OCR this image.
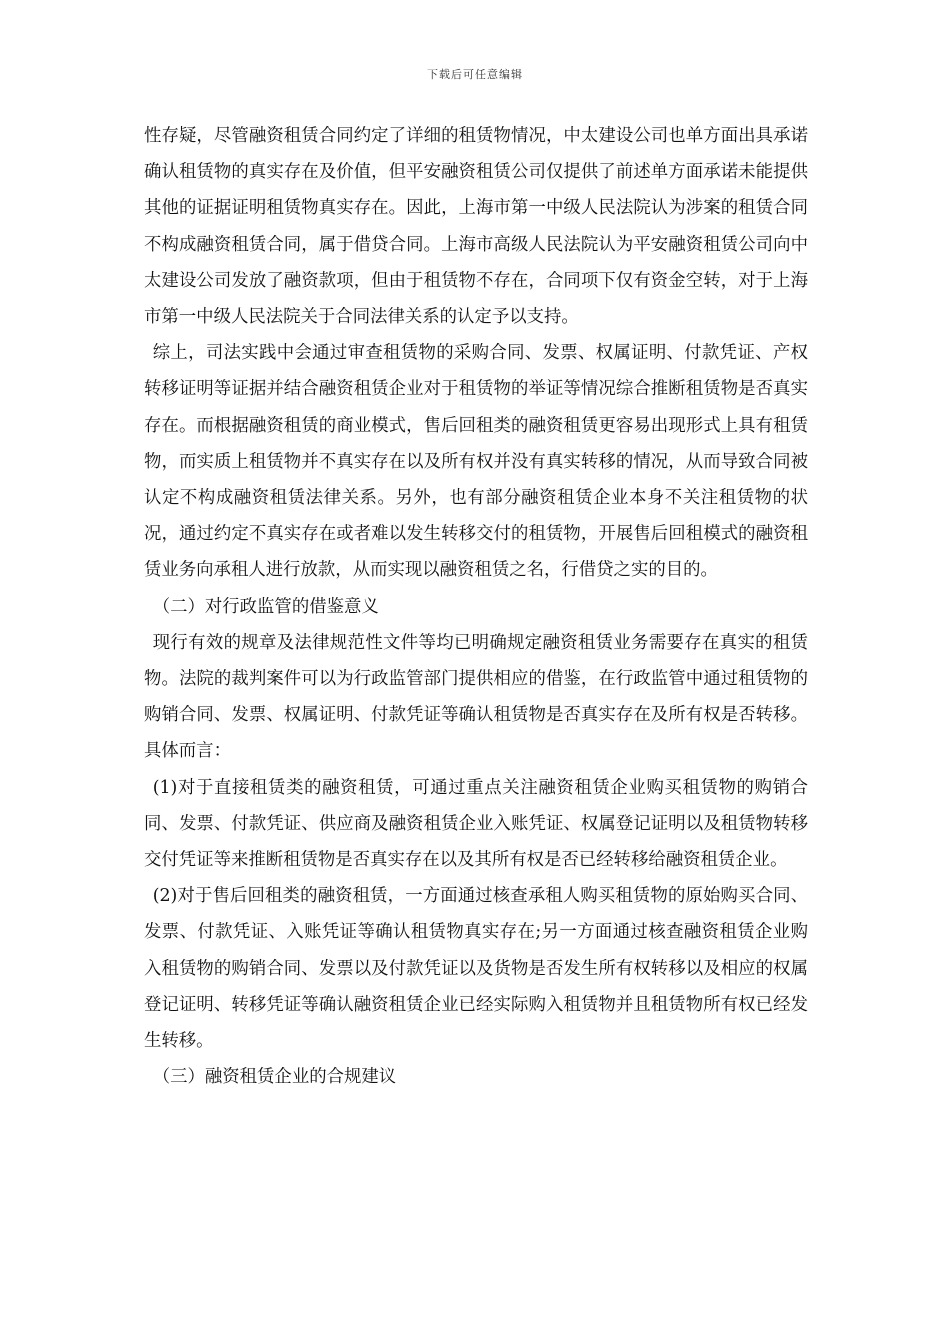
下载后可任意编辑

性存疑，尽管融资租赁合同约定了详细的租赁物情况，中太建设公司也单方面出具承诺确认租赁物的真实存在及价值，但平安融资租赁公司仅提供了前述单方面承诺未能提供其他的证据证明租赁物真实存在。因此，上海市第一中级人民法院认为涉案的租赁合同不构成融资租赁合同，属于借贷合同。上海市高级人民法院认为平安融资租赁公司向中太建设公司发放了融资款项，但由于租赁物不存在，合同项下仅有资金空转，对于上海市第一中级人民法院关于合同法律关系的认定予以支持。

综上，司法实践中会通过审查租赁物的采购合同、发票、权属证明、付款凭证、产权转移证明等证据并结合融资租赁企业对于租赁物的举证等情况综合推断租赁物是否真实存在。而根据融资租赁的商业模式，售后回租类的融资租赁更容易出现形式上具有租赁物，而实质上租赁物并不真实存在以及所有权并没有真实转移的情况，从而导致合同被认定不构成融资租赁法律关系。另外，也有部分融资租赁企业本身不关注租赁物的状况，通过约定不真实存在或者难以发生转移交付的租赁物，开展售后回租模式的融资租赁业务向承租人进行放款，从而实现以融资租赁之名，行借贷之实的目的。

（二）对行政监管的借鉴意义

现行有效的规章及法律规范性文件等均已明确规定融资租赁业务需要存在真实的租赁物。法院的裁判案件可以为行政监管部门提供相应的借鉴，在行政监管中通过租赁物的购销合同、发票、权属证明、付款凭证等确认租赁物是否真实存在及所有权是否转移。具体而言：

(1)对于直接租赁类的融资租赁，可通过重点关注融资租赁企业购买租赁物的购销合同、发票、付款凭证、供应商及融资租赁企业入账凭证、权属登记证明以及租赁物转移交付凭证等来推断租赁物是否真实存在以及其所有权是否已经转移给融资租赁企业。

(2)对于售后回租类的融资租赁，一方面通过核查承租人购买租赁物的原始购买合同、发票、付款凭证、入账凭证等确认租赁物真实存在;另一方面通过核查融资租赁企业购入租赁物的购销合同、发票以及付款凭证以及货物是否发生所有权转移以及相应的权属登记证明、转移凭证等确认融资租赁企业已经实际购入租赁物并且租赁物所有权已经发生转移。

（三）融资租赁企业的合规建议
